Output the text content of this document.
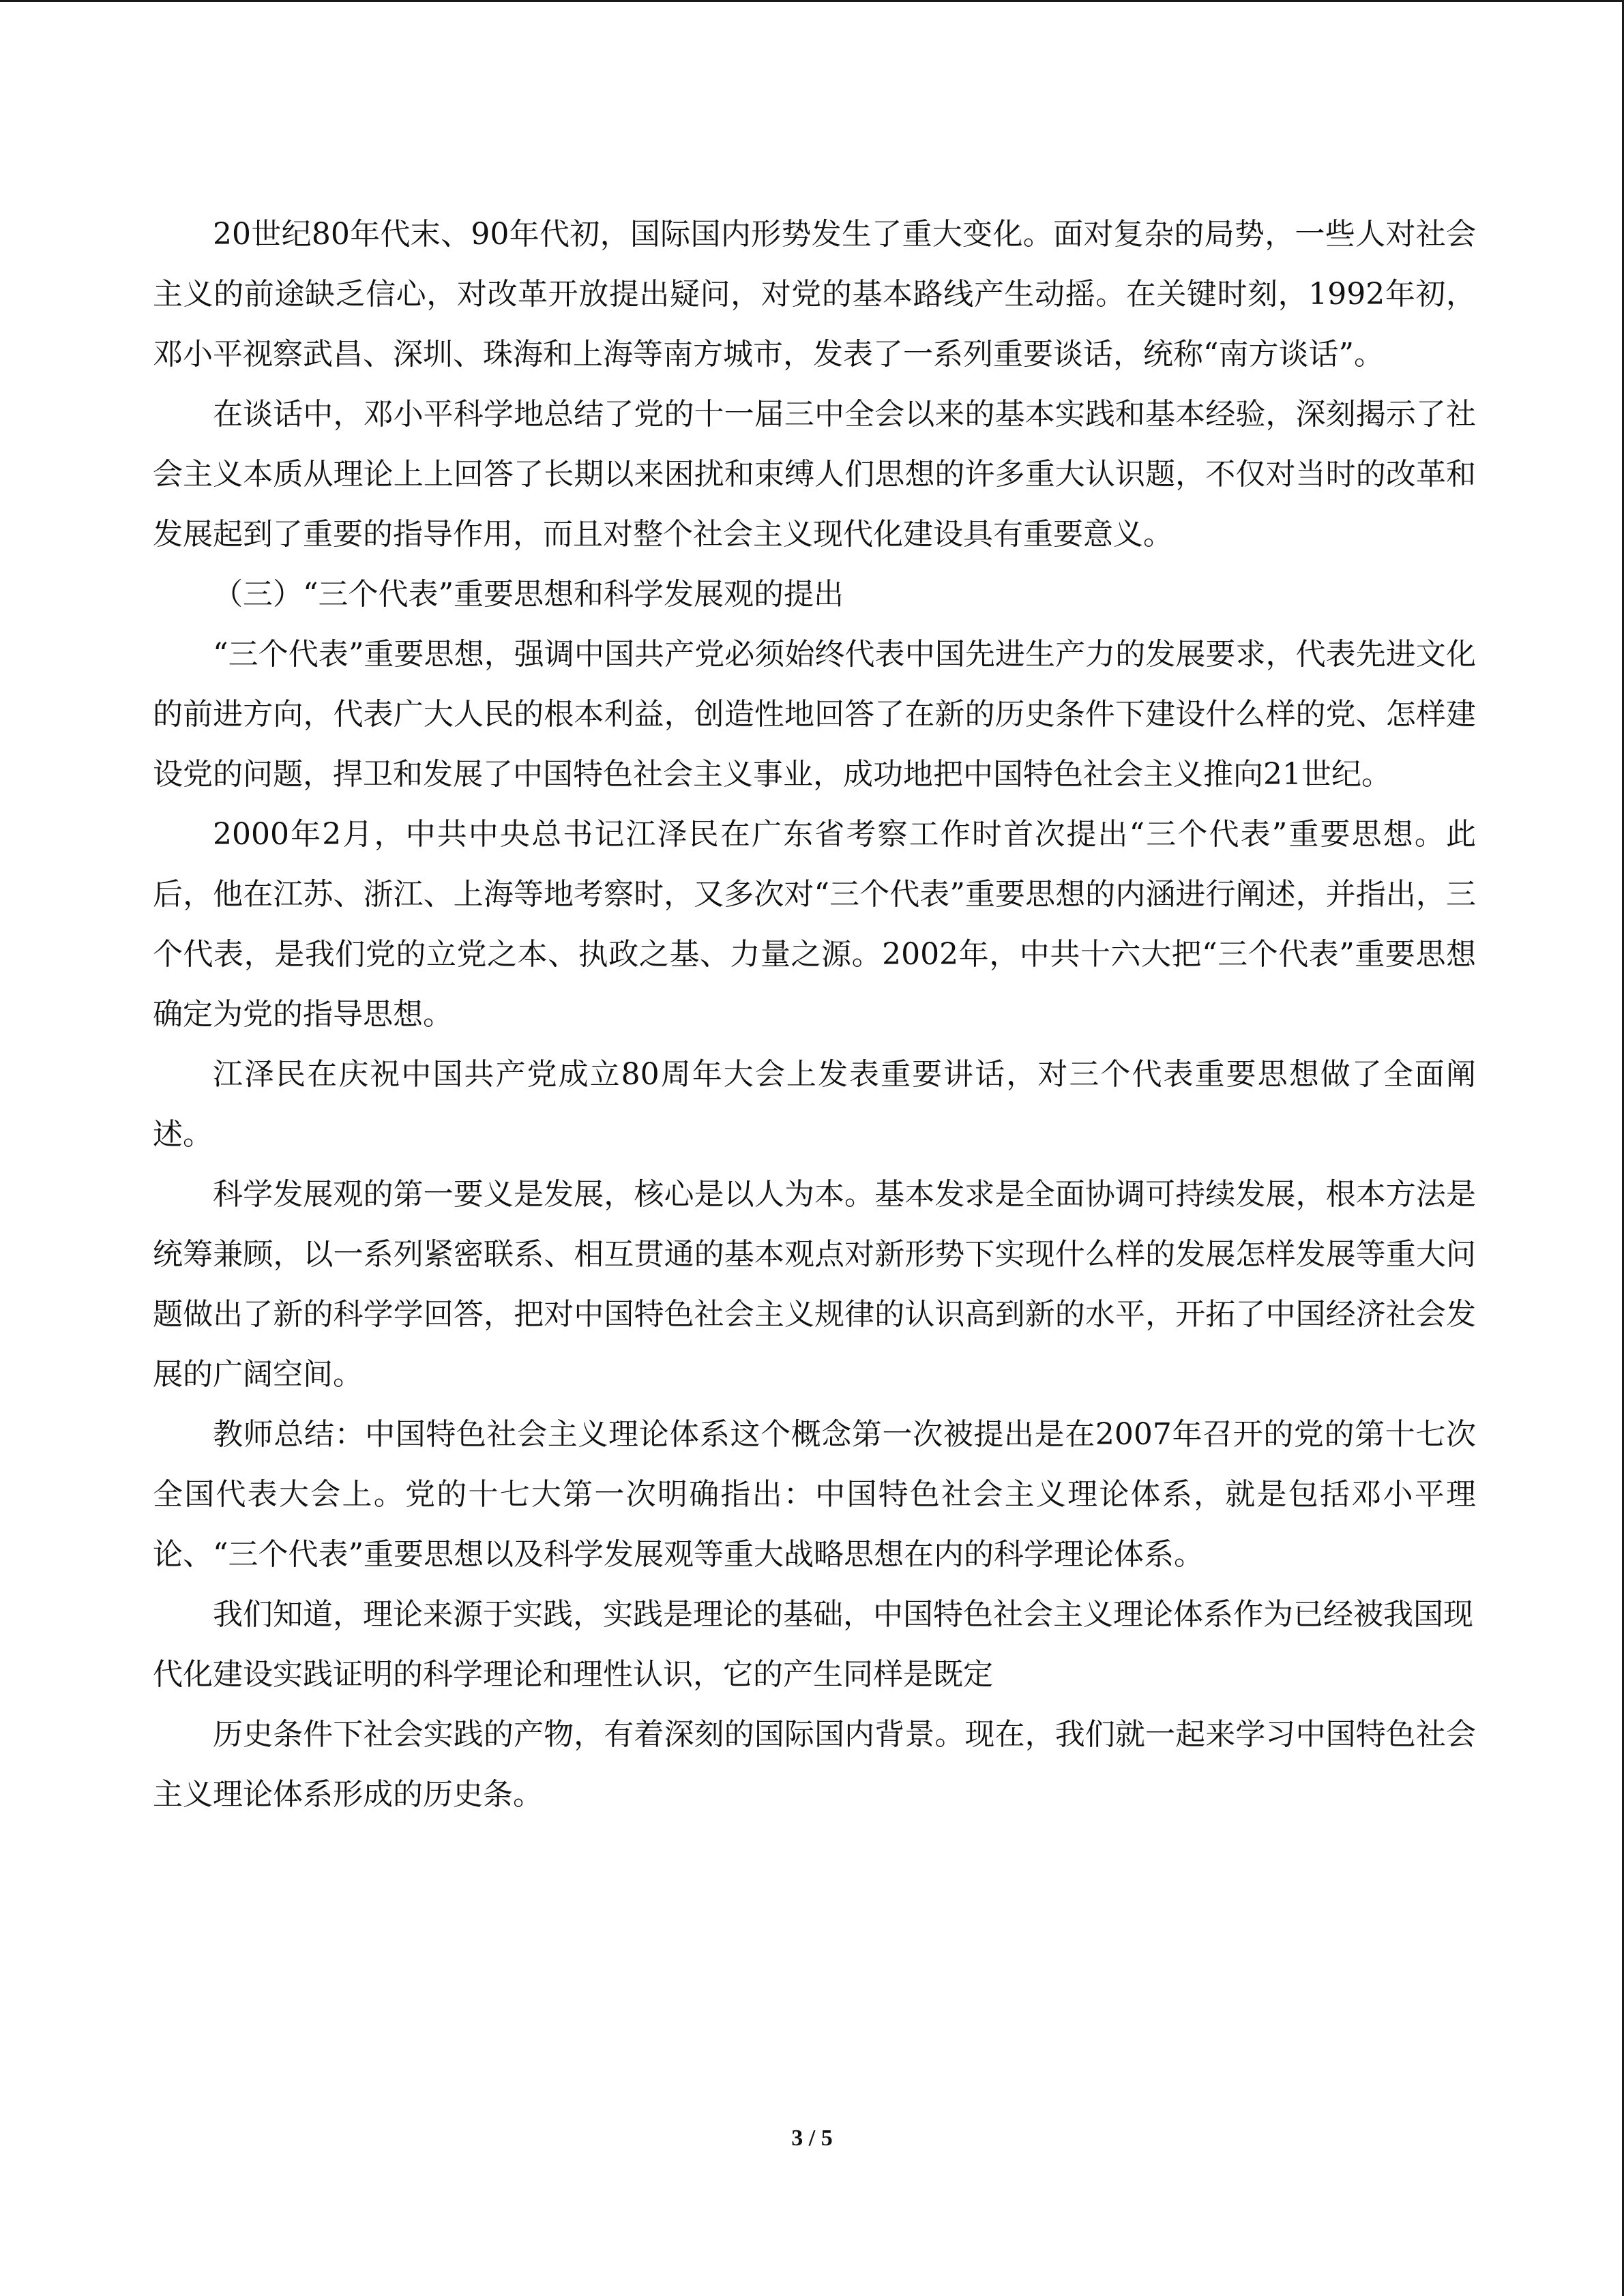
20世纪80年代末、90年代初，国际国内形势发生了重大变化。面对复杂的局势，一些人对社会主义的前途缺乏信心，对改革开放提出疑问，对党的基本路线产生动摇。在关键时刻，1992年初，邓小平视察武昌、深圳、珠海和上海等南方城市，发表了一系列重要谈话，统称“南方谈话”。

在谈话中，邓小平科学地总结了党的十一届三中全会以来的基本实践和基本经验，深刻揭示了社会主义本质从理论上上回答了长期以来困扰和束缚人们思想的许多重大认识题，不仅对当时的改革和发展起到了重要的指导作用，而且对整个社会主义现代化建设具有重要意义。

（三）“三个代表”重要思想和科学发展观的提出

“三个代表”重要思想，强调中国共产党必须始终代表中国先进生产力的发展要求，代表先进文化的前进方向，代表广大人民的根本利益，创造性地回答了在新的历史条件下建设什么样的党、怎样建设党的问题，捍卫和发展了中国特色社会主义事业，成功地把中国特色社会主义推向21世纪。

2000年2月，中共中央总书记江泽民在广东省考察工作时首次提出“三个代表”重要思想。此后，他在江苏、浙江、上海等地考察时，又多次对“三个代表”重要思想的内涵进行阐述，并指出，三个代表，是我们党的立党之本、执政之基、力量之源。2002年，中共十六大把“三个代表”重要思想确定为党的指导思想。

江泽民在庆祝中国共产党成立80周年大会上发表重要讲话，对三个代表重要思想做了全面阐述。

科学发展观的第一要义是发展，核心是以人为本。基本发求是全面协调可持续发展，根本方法是统筹兼顾，以一系列紧密联系、相互贯通的基本观点对新形势下实现什么样的发展怎样发展等重大问题做出了新的科学学回答，把对中国特色社会主义规律的认识高到新的水平，开拓了中国经济社会发展的广阔空间。

教师总结：中国特色社会主义理论体系这个概念第一次被提出是在2007年召开的党的第十七次全国代表大会上。党的十七大第一次明确指出：中国特色社会主义理论体系，就是包括邓小平理论、“三个代表”重要思想以及科学发展观等重大战略思想在内的科学理论体系。

我们知道，理论来源于实践，实践是理论的基础，中国特色社会主义理论体系作为已经被我国现代化建设实践证明的科学理论和理性认识，它的产生同样是既定

历史条件下社会实践的产物，有着深刻的国际国内背景。现在，我们就一起来学习中国特色社会主义理论体系形成的历史条。

3 / 5
